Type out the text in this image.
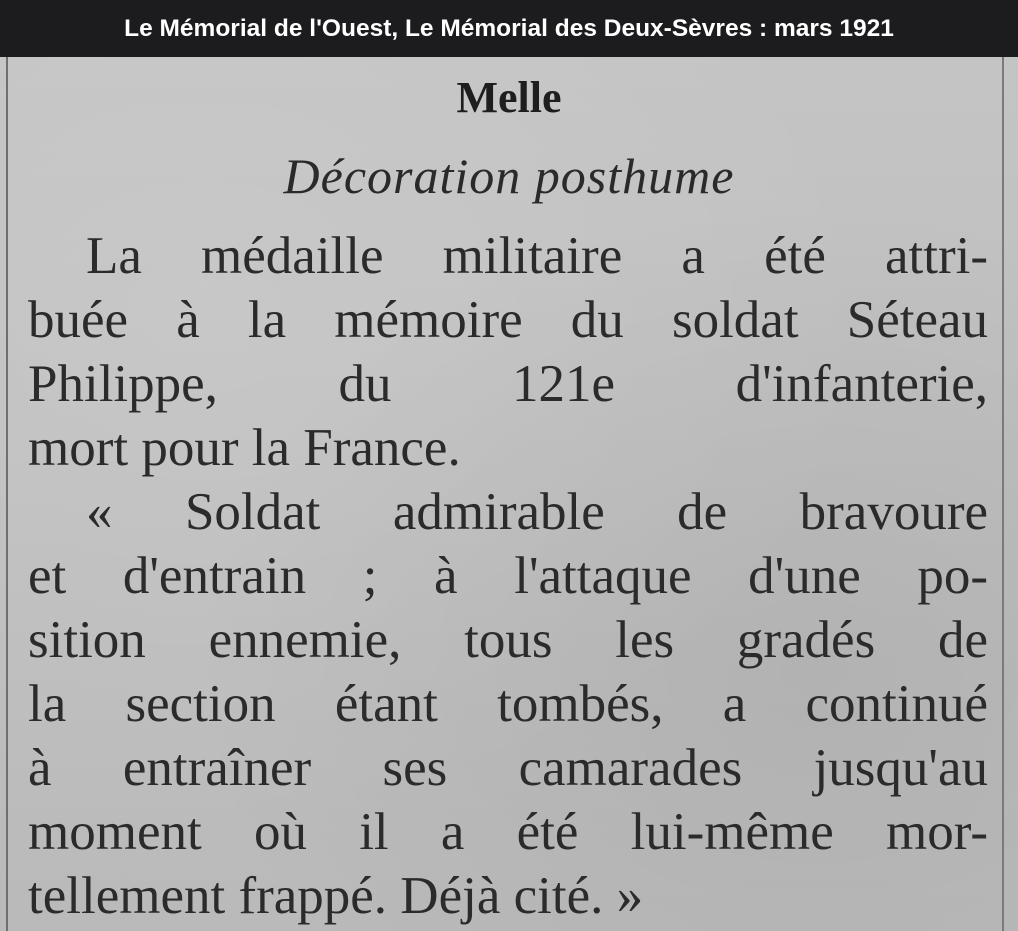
Le Mémorial de l'Ouest, Le Mémorial des Deux-Sèvres : mars 1921
Melle
Décoration posthume
La médaille militaire a été attri-
buée à la mémoire du soldat Séteau
Philippe, du 121e d'infanterie,
mort pour la France.
« Soldat admirable de bravoure
et d'entrain ; à l'attaque d'une po-
sition ennemie, tous les gradés de
la section étant tombés, a continué
à entraîner ses camarades jusqu'au
moment où il a été lui-même mor-
tellement frappé. Déjà cité. »
